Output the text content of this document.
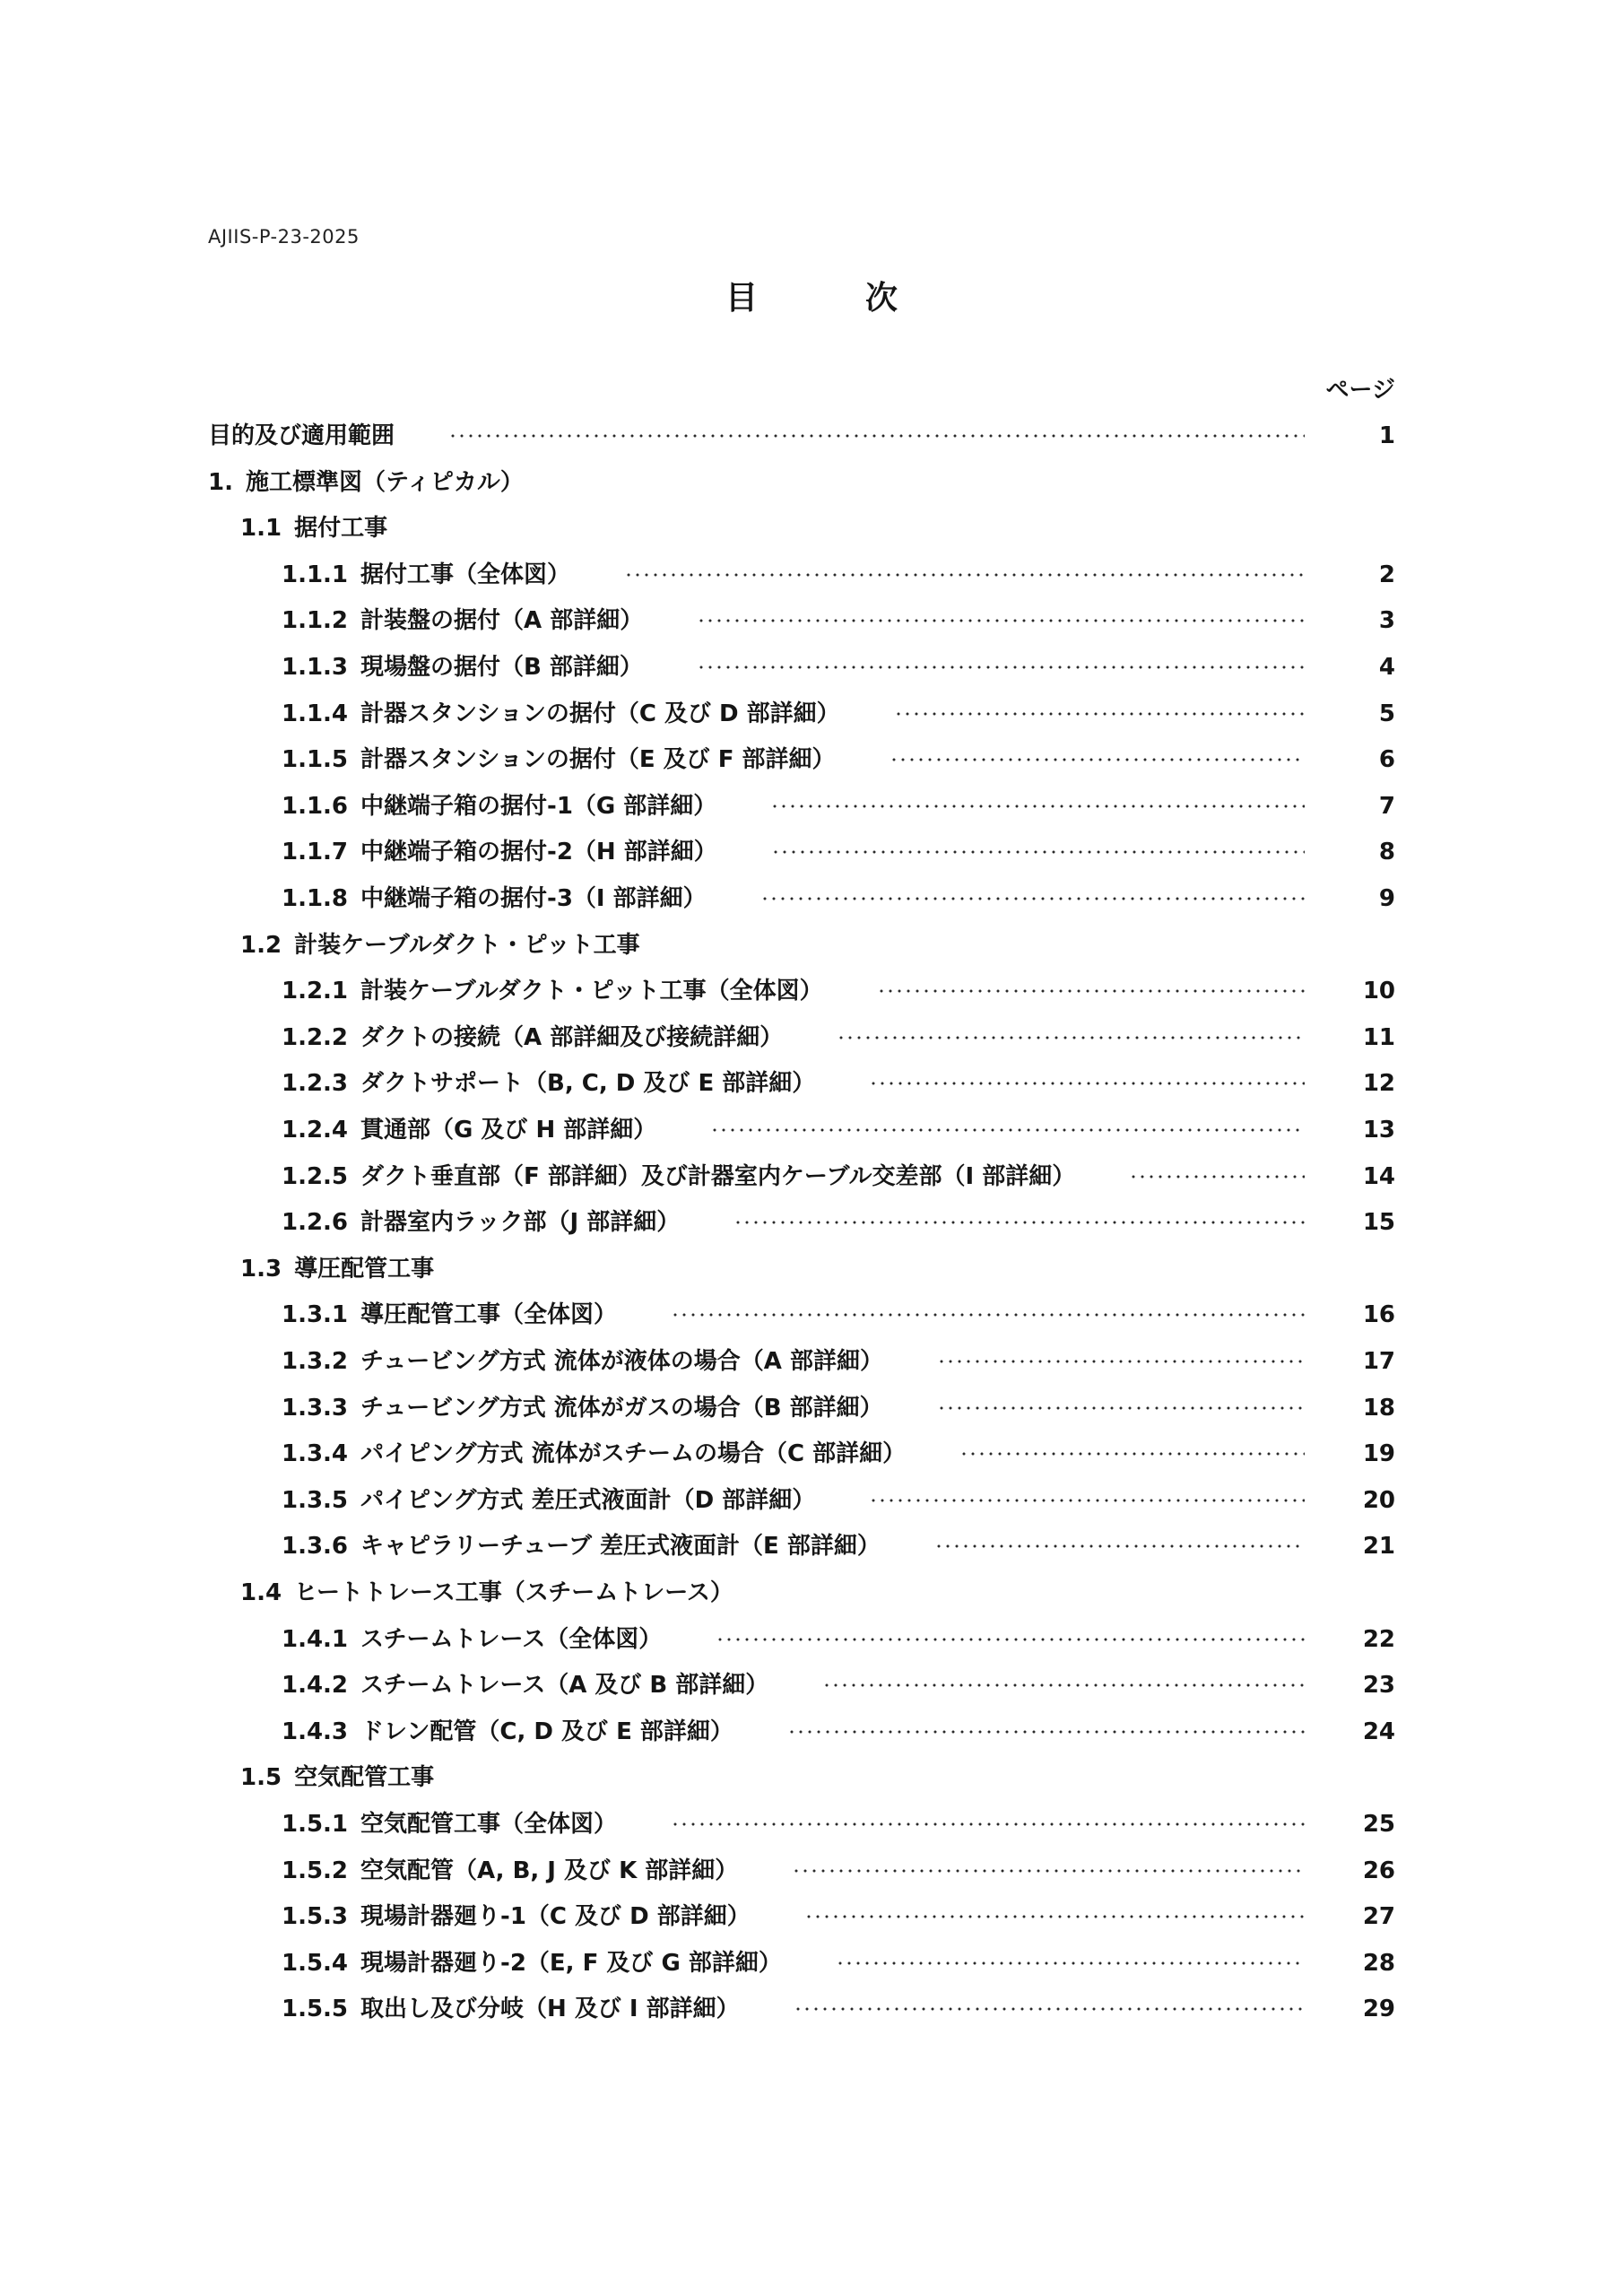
AJIIS-P-23-2025
目	次
ページ
目的及び適用範囲	1
1. 施工標準図（ティピカル）
1.1 据付工事
1.1.1 据付工事（全体図）	2
1.1.2 計装盤の据付（A 部詳細）	3
1.1.3 現場盤の据付（B 部詳細）	4
1.1.4 計器スタンションの据付（C 及び D 部詳細）	5
1.1.5 計器スタンションの据付（E 及び F 部詳細）	6
1.1.6 中継端子箱の据付-1（G 部詳細）	7
1.1.7 中継端子箱の据付-2（H 部詳細）	8
1.1.8 中継端子箱の据付-3（I 部詳細）	9
1.2 計装ケーブルダクト・ピット工事
1.2.1 計装ケーブルダクト・ピット工事（全体図）	10
1.2.2 ダクトの接続（A 部詳細及び接続詳細）	11
1.2.3 ダクトサポート（B, C, D 及び E 部詳細）	12
1.2.4 貫通部（G 及び H 部詳細）	13
1.2.5 ダクト垂直部（F 部詳細）及び計器室内ケーブル交差部（I 部詳細）	14
1.2.6 計器室内ラック部（J 部詳細）	15
1.3 導圧配管工事
1.3.1 導圧配管工事（全体図）	16
1.3.2 チュービング方式 流体が液体の場合（A 部詳細）	17
1.3.3 チュービング方式 流体がガスの場合（B 部詳細）	18
1.3.4 パイピング方式 流体がスチームの場合（C 部詳細）	19
1.3.5 パイピング方式 差圧式液面計（D 部詳細）	20
1.3.6 キャピラリーチューブ 差圧式液面計（E 部詳細）	21
1.4 ヒートトレース工事（スチームトレース）
1.4.1 スチームトレース（全体図）	22
1.4.2 スチームトレース（A 及び B 部詳細）	23
1.4.3 ドレン配管（C, D 及び E 部詳細）	24
1.5 空気配管工事
1.5.1 空気配管工事（全体図）	25
1.5.2 空気配管（A, B, J 及び K 部詳細）	26
1.5.3 現場計器廻り-1（C 及び D 部詳細）	27
1.5.4 現場計器廻り-2（E, F 及び G 部詳細）	28
1.5.5 取出し及び分岐（H 及び I 部詳細）	29
